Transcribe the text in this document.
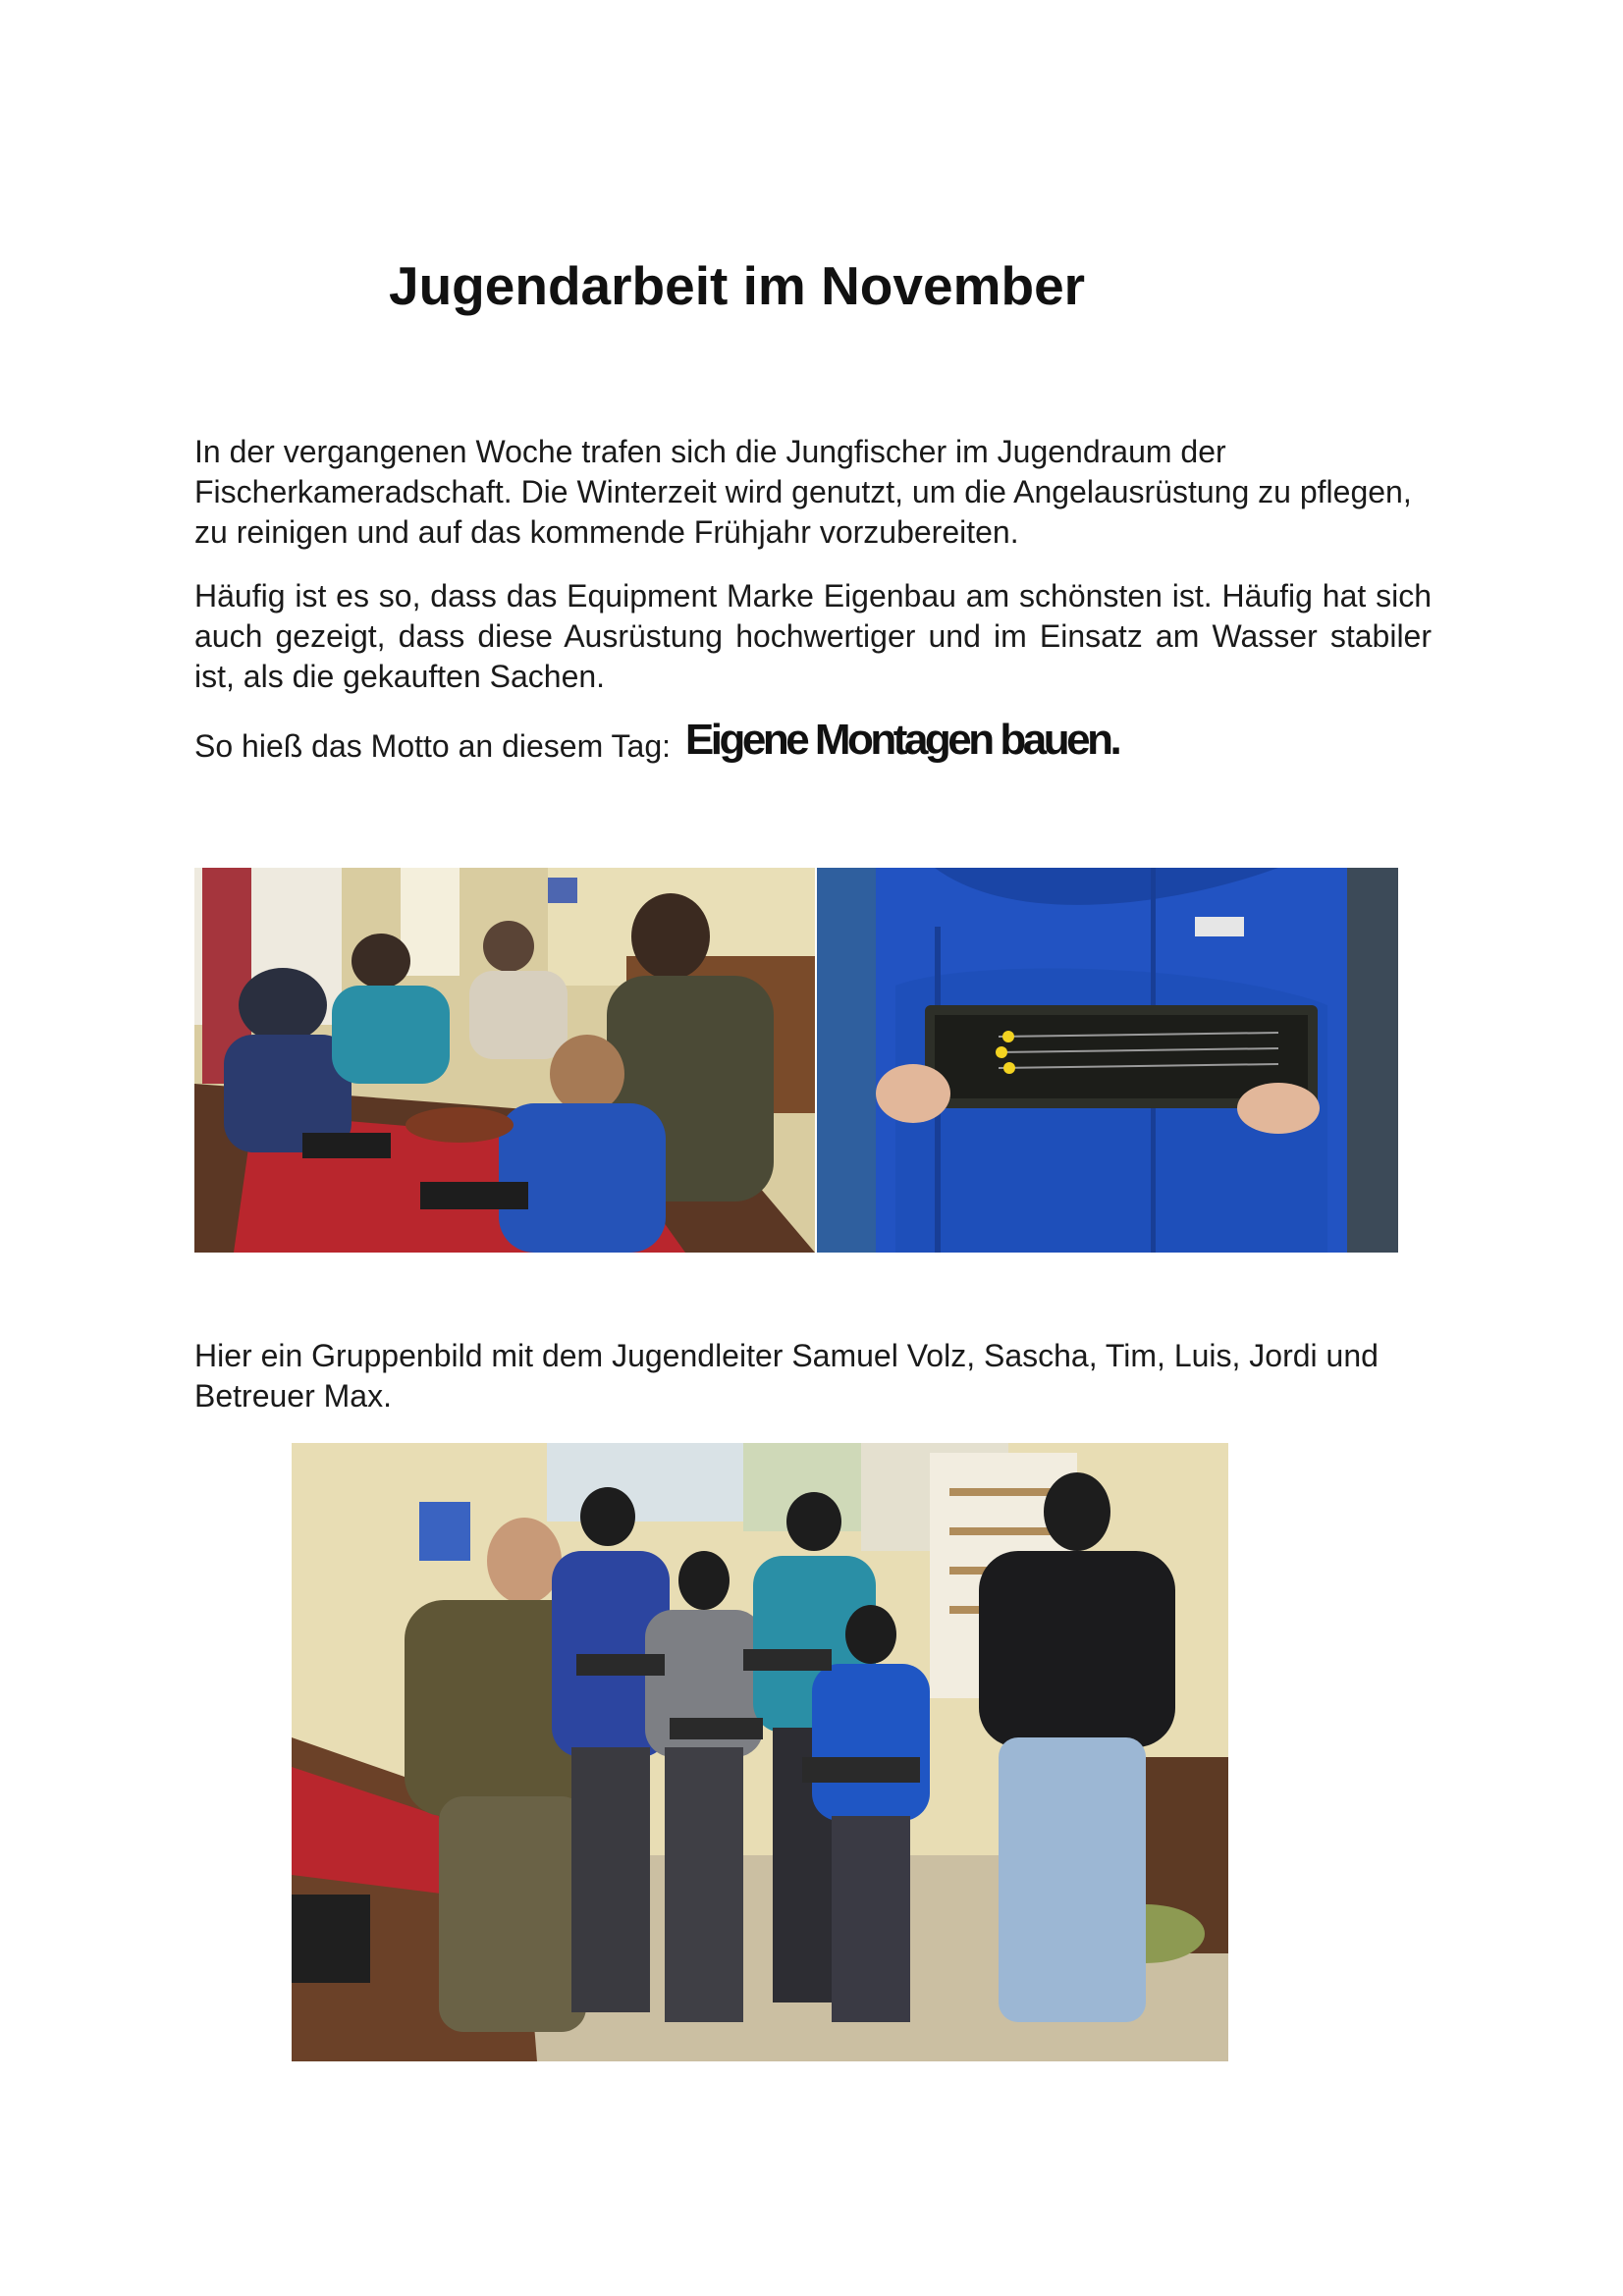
Jugendarbeit im November

In der vergangenen Woche trafen sich die Jungfischer im Jugendraum der Fischerkameradschaft. Die Winterzeit wird genutzt, um die Angelausrüstung zu pflegen, zu reinigen und auf das kommende Frühjahr vorzubereiten.

Häufig ist es so, dass das Equipment Marke Eigenbau am schönsten ist. Häufig hat sich auch gezeigt, dass diese Ausrüstung hochwertiger und im Einsatz am Wasser stabiler ist, als die gekauften Sachen.

So hieß das Motto an diesem Tag: Eigene Montagen bauen.

Hier ein Gruppenbild mit dem Jugendleiter Samuel Volz, Sascha, Tim, Luis, Jordi und Betreuer Max.
